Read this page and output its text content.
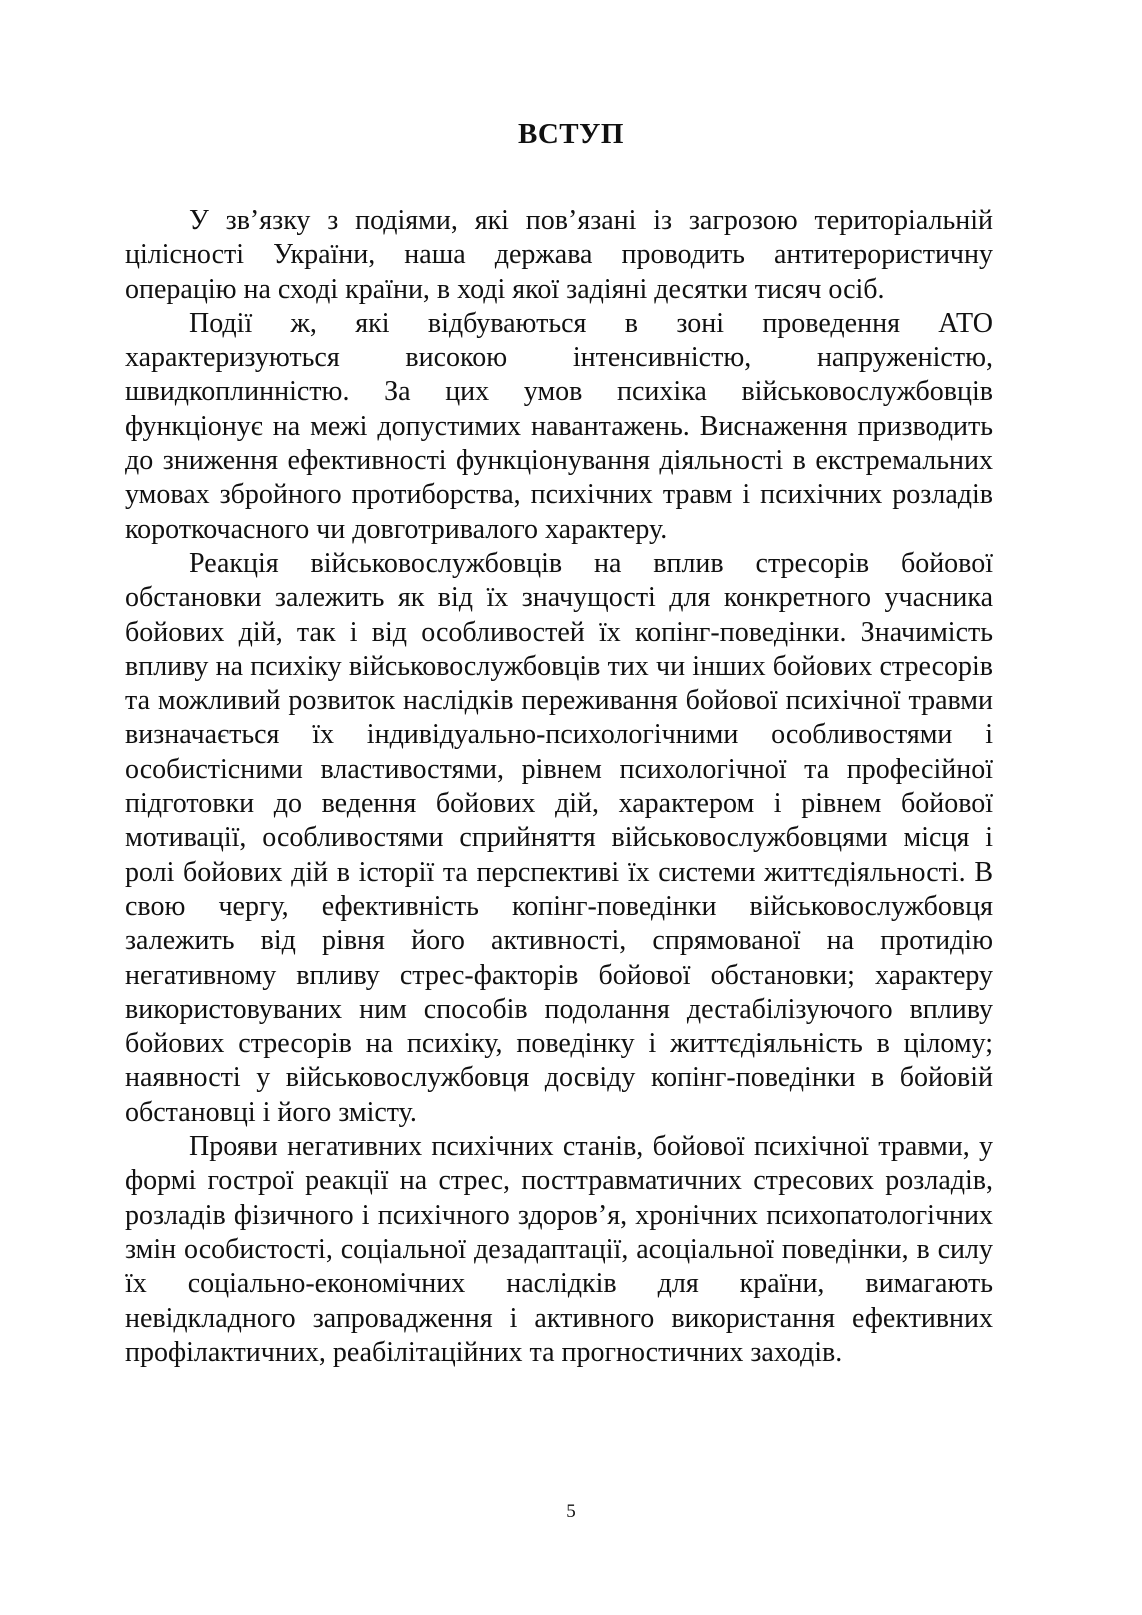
ВСТУП

У зв’язку з подіями, які пов’язані із загрозою територіальній цілісності України, наша держава проводить антитерористичну операцію на сході країни, в ході якої задіяні десятки тисяч осіб.

Події ж, які відбуваються в зоні проведення АТО характеризуються високою інтенсивністю, напруженістю, швидкоплинністю. За цих умов психіка військовослужбовців функціонує на межі допустимих навантажень. Виснаження призводить до зниження ефективності функціонування діяльності в екстремальних умовах збройного протиборства, психічних травм і психічних розладів короткочасного чи довготривалого характеру.

Реакція військовослужбовців на вплив стресорів бойової обстановки залежить як від їх значущості для конкретного учасника бойових дій, так і від особливостей їх копінг-поведінки. Значимість впливу на психіку військовослужбовців тих чи інших бойових стресорів та можливий розвиток наслідків переживання бойової психічної травми визначається їх індивідуально-психологічними особливостями і особистісними властивостями, рівнем психологічної та професійної підготовки до ведення бойових дій, характером і рівнем бойової мотивації, особливостями сприйняття військовослужбовцями місця і ролі бойових дій в історії та перспективі їх системи життєдіяльності. В свою чергу, ефективність копінг-поведінки військовослужбовця залежить від рівня його активності, спрямованої на протидію негативному впливу стрес-факторів бойової обстановки; характеру використовуваних ним способів подолання дестабілізуючого впливу бойових стресорів на психіку, поведінку і життєдіяльність в цілому; наявності у військовослужбовця досвіду копінг-поведінки в бойовій обстановці і його змісту.

Прояви негативних психічних станів, бойової психічної травми, у формі гострої реакції на стрес, посттравматичних стресових розладів, розладів фізичного і психічного здоров’я, хронічних психопатологічних змін особистості, соціальної дезадаптації, асоціальної поведінки, в силу їх соціально-економічних наслідків для країни, вимагають невідкладного запровадження і активного використання ефективних профілактичних, реабілітаційних та прогностичних заходів.

5
